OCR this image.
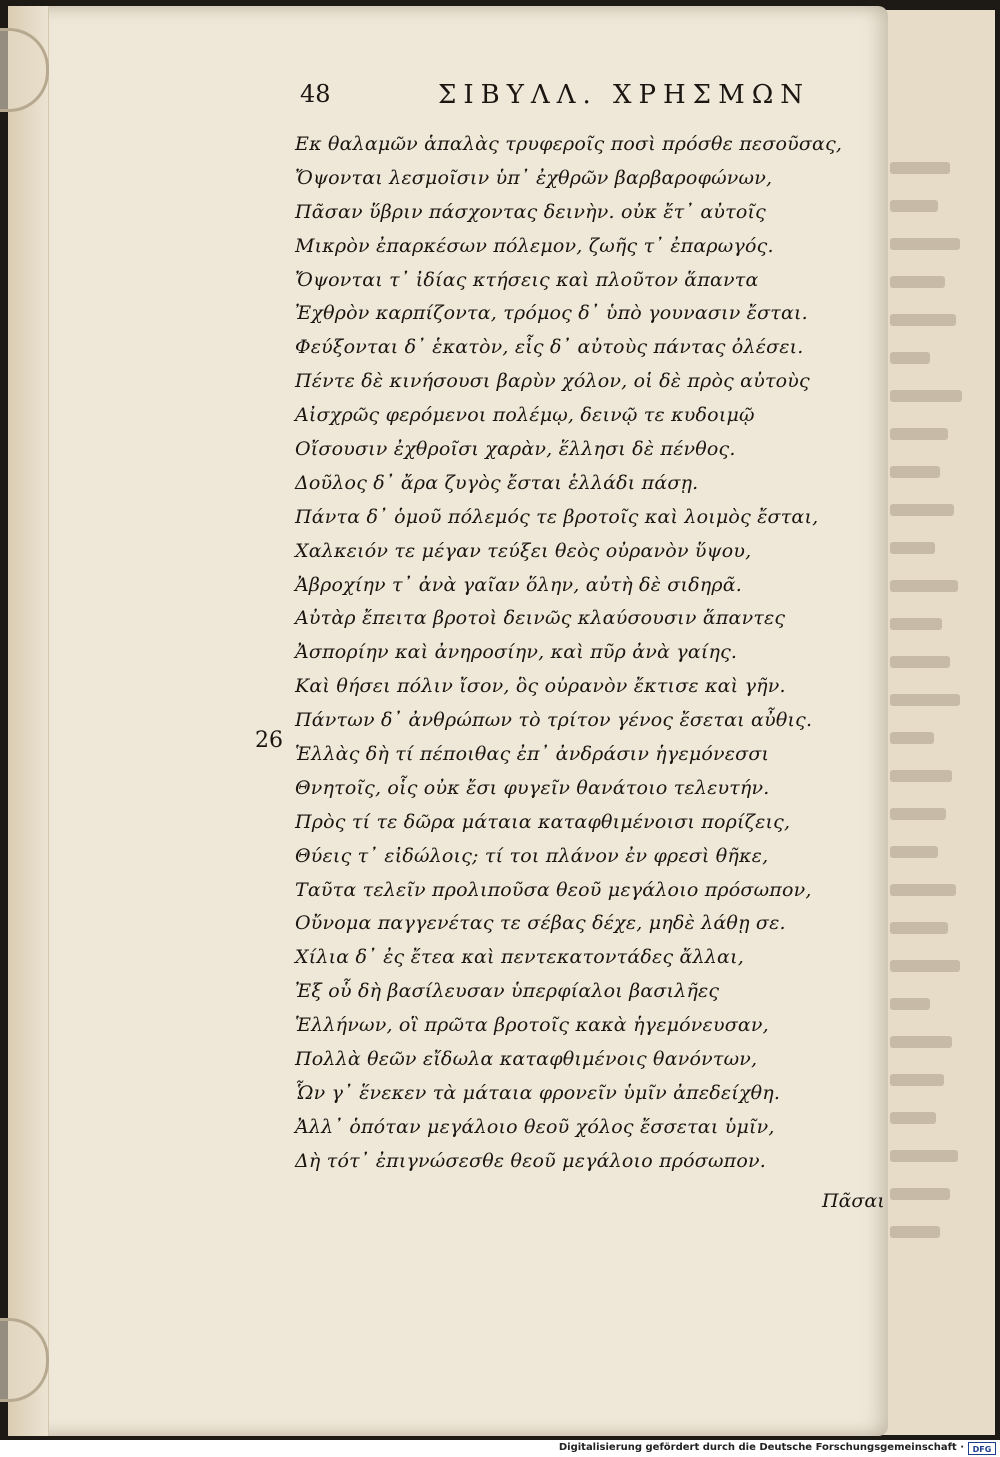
48	ΣΙΒΥΛΛ. ΧΡΗΣΜΩΝ
26
Εκ θαλαμῶν ἁπαλὰς τρυφεροῖς ποσὶ πρόσθε πεσοῦσας,
Ὄψονται λεσμοῖσιν ὑπ᾽ ἐχθρῶν βαρβαροφώνων,
Πᾶσαν ὕβριν πάσχοντας δεινὴν. οὐκ ἔτ᾽ αὐτοῖς
Μικρὸν ἐπαρκέσων πόλεμον, ζωῆς τ᾽ ἐπαρωγός.
Ὄψονται τ᾽ ἰδίας κτήσεις καὶ πλοῦτον ἅπαντα
Ἐχθρὸν καρπίζοντα, τρόμος δ᾽ ὑπὸ γουνασιν ἔσται.
Φεύξονται δ᾽ ἑκατὸν, εἷς δ᾽ αὐτοὺς πάντας ὀλέσει.
Πέντε δὲ κινήσουσι βαρὺν χόλον, οἱ δὲ πρὸς αὐτοὺς
Αἰσχρῶς φερόμενοι πολέμῳ, δεινῷ τε κυδοιμῷ
Οἴσουσιν ἐχθροῖσι χαρὰν, ἕλλησι δὲ πένθος.
Δοῦλος δ᾽ ἄρα ζυγὸς ἔσται ἑλλάδι πάσῃ.
Πάντα δ᾽ ὁμοῦ πόλεμός τε βροτοῖς καὶ λοιμὸς ἔσται,
Χαλκειόν τε μέγαν τεύξει θεὸς οὐρανὸν ὕψου,
Ἀβροχίην τ᾽ ἀνὰ γαῖαν ὅλην, αὐτὴ δὲ σιδηρᾶ.
Αὐτὰρ ἔπειτα βροτοὶ δεινῶς κλαύσουσιν ἅπαντες
Ἀσπορίην καὶ ἀνηροσίην, καὶ πῦρ ἀνὰ γαίης.
Καὶ θήσει πόλιν ἴσον, ὃς οὐρανὸν ἔκτισε καὶ γῆν.
Πάντων δ᾽ ἀνθρώπων τὸ τρίτον γένος ἔσεται αὖθις.
Ἑλλὰς δὴ τί πέποιθας ἐπ᾽ ἀνδράσιν ἡγεμόνεσσι
Θνητοῖς, οἷς οὐκ ἔσι φυγεῖν θανάτοιο τελευτήν.
Πρὸς τί τε δῶρα μάταια καταφθιμένοισι πορίζεις,
Θύεις τ᾽ εἰδώλοις; τί τοι πλάνον ἐν φρεσὶ θῆκε,
Ταῦτα τελεῖν προλιποῦσα θεοῦ μεγάλοιο πρόσωπον,
Οὔνομα παγγενέτας τε σέβας δέχε, μηδὲ λάθῃ σε.
Χίλια δ᾽ ἐς ἔτεα καὶ πεντεκατοντάδες ἄλλαι,
Ἐξ οὗ δὴ βασίλευσαν ὑπερφίαλοι βασιλῆες
Ἑλλήνων, οἳ πρῶτα βροτοῖς κακὰ ἡγεμόνευσαν,
Πολλὰ θεῶν εἴδωλα καταφθιμένοις θανόντων,
Ὧν γ᾽ ἕνεκεν τὰ μάταια φρονεῖν ὑμῖν ἀπεδείχθη.
Ἀλλ᾽ ὁπόταν μεγάλοιο θεοῦ χόλος ἔσσεται ὑμῖν,
Δὴ τότ᾽ ἐπιγνώσεσθε θεοῦ μεγάλοιο πρόσωπον.
Πᾶσαι
Digitalisierung gefördert durch die Deutsche Forschungsgemeinschaft ·	DFG
